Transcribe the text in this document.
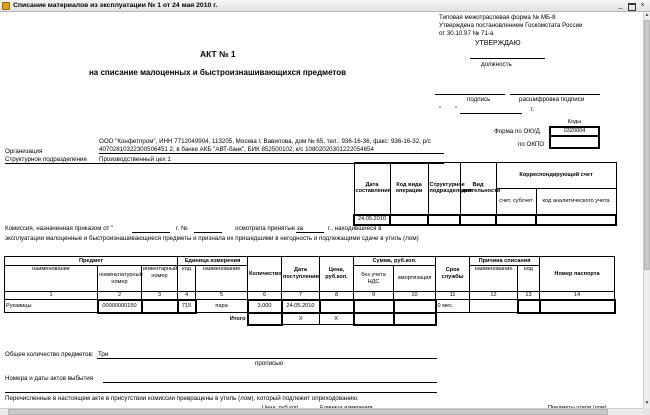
Списание материалов из эксплуатации № 1 от 24 мая 2010 г.	_	×
Типовая межотраслевая форма № МБ-8
Утверждена постановлением Госкомстата России
от 30.10.97 № 71-а
УТВЕРЖДАЮ
должность
подпись	расшифровка подписи
" "	г.
Коды
0320004

Форма по ОКУД
по ОКПО
АКТ № 1
на списание малоценных и быстроизнашивающихся предметов
ООО "Конфетпром", ИНН 7712049904, 113205, Москва г, Вавилова, дом № 65, тел.: 936-16-36, факс: 936-16-32, р/с
40702810322300506451 2, в банке АКБ "АВТ-банк", БИК 852500102, к/с 10802020301222054654
Организация
Структурное подразделение Производственный цех 1
Дата составления	Код вида операции	Структурное подразделение	Вид деятельности	Корреспондирующий счет	
				счет, субсчет	код аналитического учета
24.05.2010					
Комиссия, назначенная приказом от "	г. №	осмотрела принятые за	г., находившиеся в
эксплуатации малоценные и быстроизнашивающиеся предметы и признала их пришедшими в негодность и подлежащими сдаче в утиль (лом)
Предмет			Единица измерения		Количество	Дата поступления	Цена, руб.коп.	Сумма, руб.коп.		Срок службы	Причина списания		Номер паспорта
наименование	номенклатурный номер	инвентарный номер	код	наименование				без учета НДС	амортизация		наименование	код	
1	2	3	4	5	6	7	8	9	10	11	12	13	14
Рукавицы	00000000150		715	пара	3,000	24.05.2010				0 мес.			
				Итого		Х	Х						
Общее количество предметов: Три
прописью
Номера и даты актов выбытия
Перечисленные в настоящем акте в присутствии комиссии превращены в утиль (лом), который подлежит оприходованию:
▲
▼
